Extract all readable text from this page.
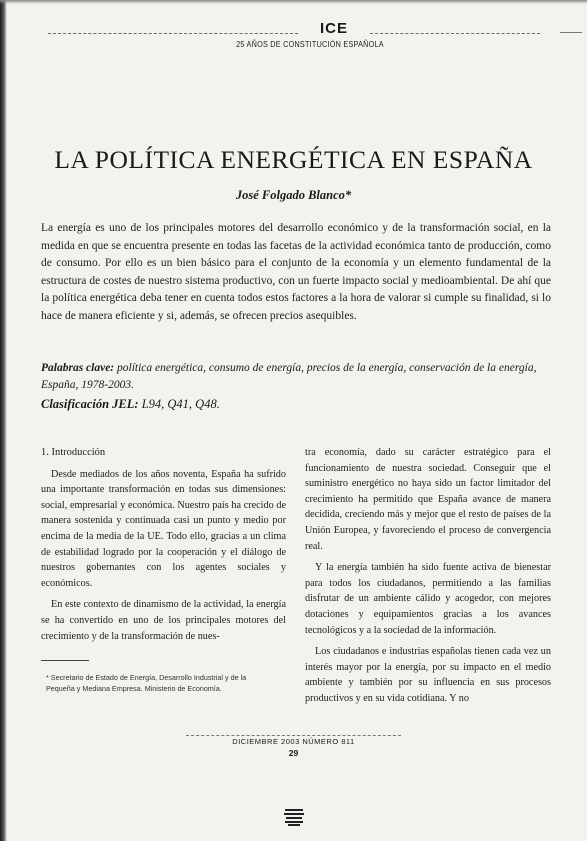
ICE
25 AÑOS DE CONSTITUCIÓN ESPAÑOLA
LA POLÍTICA ENERGÉTICA EN ESPAÑA
José Folgado Blanco*

La energía es uno de los principales motores del desarrollo económico y de la transformación social, en la medida en que se encuentra presente en todas las facetas de la actividad económica tanto de producción, como de consumo. Por ello es un bien básico para el conjunto de la economía y un elemento fundamental de la estructura de costes de nuestro sistema productivo, con un fuerte impacto social y medioambiental. De ahí que la política energética deba tener en cuenta todos estos factores a la hora de valorar si cumple su finalidad, si lo hace de manera eficiente y si, además, se ofrecen precios asequibles.

Palabras clave: política energética, consumo de energía, precios de la energía, conservación de la energía, España, 1978-2003.

Clasificación JEL: L94, Q41, Q48.

1. Introducción

Desde mediados de los años noventa, España ha sufrido una importante transformación en todas sus dimensiones: social, empresarial y económica. Nuestro país ha crecido de manera sostenida y continuada casi un punto y medio por encima de la media de la UE. Todo ello, gracias a un clima de estabilidad logrado por la cooperación y el diálogo de nuestros gobernantes con los agentes sociales y económicos.

En este contexto de dinamismo de la actividad, la energía se ha convertido en uno de los principales motores del crecimiento y de la transformación de nues-

tra economía, dado su carácter estratégico para el funcionamiento de nuestra sociedad. Conseguir que el suministro energético no haya sido un factor limitador del crecimiento ha permitido que España avance de manera decidida, creciendo más y mejor que el resto de países de la Unión Europea, y favoreciendo el proceso de convergencia real.

Y la energía también ha sido fuente activa de bienestar para todos los ciudadanos, permitiendo a las familias disfrutar de un ambiente cálido y acogedor, con mejores dotaciones y equipamientos gracias a los avances tecnológicos y a la sociedad de la información.

Los ciudadanos e industrias españolas tienen cada vez un interés mayor por la energía, por su impacto en el medio ambiente y también por su influencia en sus procesos productivos y en su vida cotidiana. Y no

* Secretario de Estado de Energía, Desarrollo Industrial y de la Pequeña y Mediana Empresa. Ministerio de Economía.

DICIEMBRE 2003 NÚMERO 811
29
